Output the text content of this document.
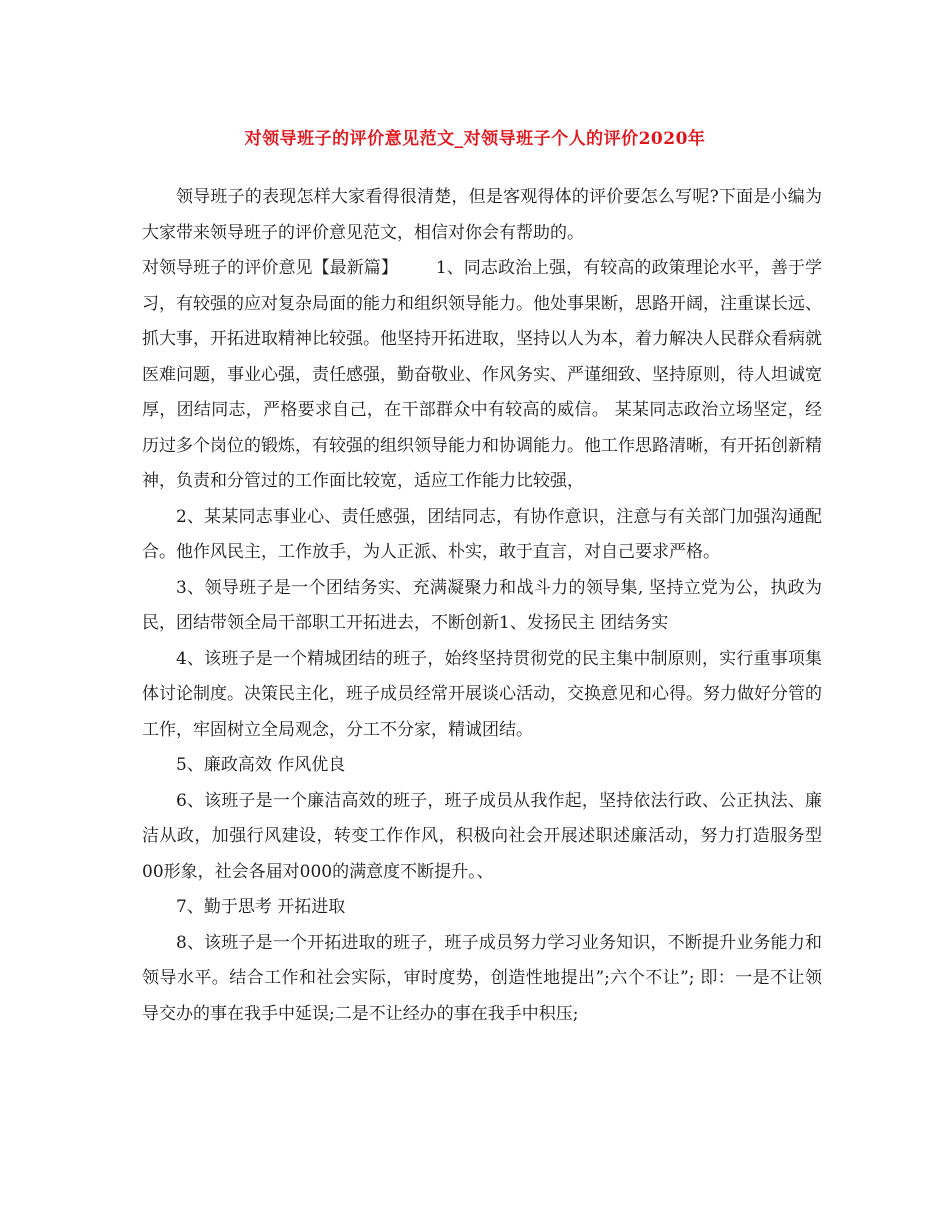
对领导班子的评价意见范文_对领导班子个人的评价2020年

领导班子的表现怎样大家看得很清楚，但是客观得体的评价要怎么写呢?下面是小编为大家带来领导班子的评价意见范文，相信对你会有帮助的。

对领导班子的评价意见【最新篇】 1、同志政治上强，有较高的政策理论水平，善于学习，有较强的应对复杂局面的能力和组织领导能力。他处事果断，思路开阔，注重谋长远、抓大事，开拓进取精神比较强。他坚持开拓进取，坚持以人为本，着力解决人民群众看病就医难问题，事业心强，责任感强，勤奋敬业、作风务实、严谨细致、坚持原则，待人坦诚宽厚，团结同志，严格要求自己，在干部群众中有较高的威信。 某某同志政治立场坚定，经历过多个岗位的锻炼，有较强的组织领导能力和协调能力。他工作思路清晰，有开拓创新精神，负责和分管过的工作面比较宽，适应工作能力比较强，

2、某某同志事业心、责任感强，团结同志，有协作意识，注意与有关部门加强沟通配合。他作风民主，工作放手，为人正派、朴实，敢于直言，对自己要求严格。

3、领导班子是一个团结务实、充满凝聚力和战斗力的领导集, 坚持立党为公，执政为民，团结带领全局干部职工开拓进去，不断创新1、发扬民主 团结务实

4、该班子是一个精城团结的班子，始终坚持贯彻党的民主集中制原则，实行重事项集体讨论制度。决策民主化，班子成员经常开展谈心活动，交换意见和心得。努力做好分管的工作，牢固树立全局观念，分工不分家，精诚团结。

5、廉政高效 作风优良

6、该班子是一个廉洁高效的班子，班子成员从我作起，坚持依法行政、公正执法、廉洁从政，加强行风建设，转变工作作风，积极向社会开展述职述廉活动，努力打造服务型00形象，社会各届对000的满意度不断提升。、

7、勤于思考 开拓进取

8、该班子是一个开拓进取的班子，班子成员努力学习业务知识，不断提升业务能力和领导水平。结合工作和社会实际，审时度势，创造性地提出”;六个不让”; 即：一是不让领导交办的事在我手中延误;二是不让经办的事在我手中积压;
